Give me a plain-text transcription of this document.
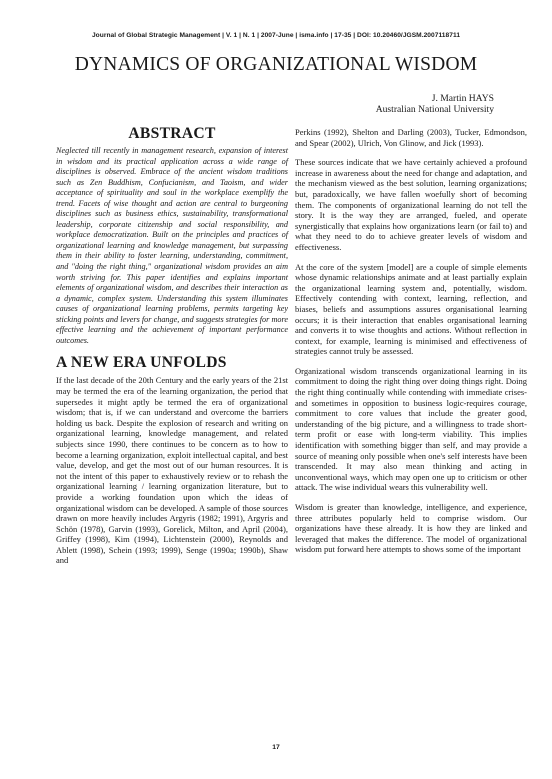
Journal of Global Strategic Management | V. 1 | N. 1 | 2007-June | isma.info | 17-35 | DOI: 10.20460/JGSM.2007118711
DYNAMICS OF ORGANIZATIONAL WISDOM
J. Martin HAYS
Australian National University
ABSTRACT

Neglected till recently in management research, expansion of interest in wisdom and its practical application across a wide range of disciplines is observed. Embrace of the ancient wisdom traditions such as Zen Buddhism, Confucianism, and Taoism, and wider acceptance of spirituality and soul in the workplace exemplify the trend. Facets of wise thought and action are central to burgeoning disciplines such as business ethics, sustainability, transformational leadership, corporate citizenship and social responsibility, and workplace democratization. Built on the principles and practices of organizational learning and knowledge management, but surpassing them in their ability to foster learning, understanding, commitment, and "doing the right thing," organizational wisdom provides an aim worth striving for. This paper identifies and explains important elements of organizational wisdom, and describes their interaction as a dynamic, complex system. Understanding this system illuminates causes of organizational learning problems, permits targeting key sticking points and levers for change, and suggests strategies for more effective learning and the achievement of important performance outcomes.

A NEW ERA UNFOLDS

If the last decade of the 20th Century and the early years of the 21st may be termed the era of the learning organization, the period that supersedes it might aptly be termed the era of organizational wisdom; that is, if we can understand and overcome the barriers holding us back. Despite the explosion of research and writing on organizational learning, knowledge management, and related subjects since 1990, there continues to be concern as to how to become a learning organization, exploit intellectual capital, and best value, develop, and get the most out of our human resources. It is not the intent of this paper to exhaustively review or to rehash the organizational learning / learning organization literature, but to provide a working foundation upon which the ideas of organizational wisdom can be developed. A sample of those sources drawn on more heavily includes Argyris (1982; 1991), Argyris and Schön (1978), Garvin (1993), Gorelick, Milton, and April (2004), Griffey (1998), Kim (1994), Lichtenstein (2000), Reynolds and Ablett (1998), Schein (1993; 1999), Senge (1990a; 1990b), Shaw and

Perkins (1992), Shelton and Darling (2003), Tucker, Edmondson, and Spear (2002), Ulrich, Von Glinow, and Jick (1993).

These sources indicate that we have certainly achieved a profound increase in awareness about the need for change and adaptation, and the mechanism viewed as the best solution, learning organizations; but, paradoxically, we have fallen woefully short of becoming them. The components of organizational learning do not tell the story. It is the way they are arranged, fueled, and operate synergistically that explains how organizations learn (or fail to) and what they need to do to achieve greater levels of wisdom and effectiveness.

At the core of the system [model] are a couple of simple elements whose dynamic relationships animate and at least partially explain the organizational learning system and, potentially, wisdom. Effectively contending with context, learning, reflection, and biases, beliefs and assumptions assures organisational learning occurs; it is their interaction that enables organisational learning and converts it to wise thoughts and actions. Without reflection in context, for example, learning is minimised and effectiveness of strategies cannot truly be assessed.

Organizational wisdom transcends organizational learning in its commitment to doing the right thing over doing things right. Doing the right thing continually while contending with immediate crises-and sometimes in opposition to business logic-requires courage, commitment to core values that include the greater good, understanding of the big picture, and a willingness to trade short-term profit or ease with long-term viability. This implies identification with something bigger than self, and may provide a source of meaning only possible when one's self interests have been transcended. It may also mean thinking and acting in unconventional ways, which may open one up to criticism or other attack. The wise individual wears this vulnerability well.

Wisdom is greater than knowledge, intelligence, and experience, three attributes popularly held to comprise wisdom. Our organizations have these already. It is how they are linked and leveraged that makes the difference. The model of organizational wisdom put forward here attempts to shows some of the important

17
